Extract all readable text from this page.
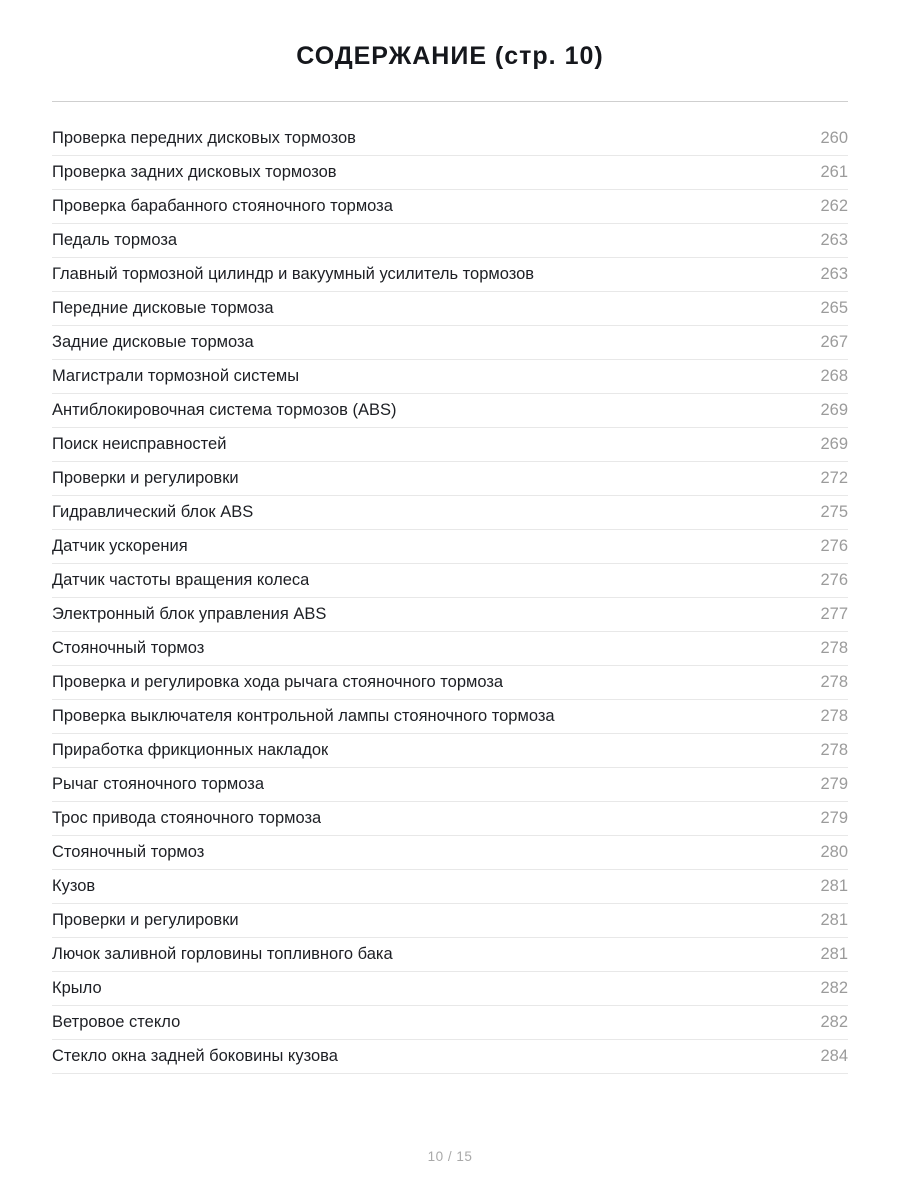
СОДЕРЖАНИЕ (стр. 10)
Проверка передних дисковых тормозов	260
Проверка задних дисковых тормозов	261
Проверка барабанного стояночного тормоза	262
Педаль тормоза	263
Главный тормозной цилиндр и вакуумный усилитель тормозов	263
Передние дисковые тормоза	265
Задние дисковые тормоза	267
Магистрали тормозной системы	268
Антиблокировочная система тормозов (ABS)	269
Поиск неисправностей	269
Проверки и регулировки	272
Гидравлический блок ABS	275
Датчик ускорения	276
Датчик частоты вращения колеса	276
Электронный блок управления ABS	277
Стояночный тормоз	278
Проверка и регулировка хода рычага стояночного тормоза	278
Проверка выключателя контрольной лампы стояночного тормоза	278
Приработка фрикционных накладок	278
Рычаг стояночного тормоза	279
Трос привода стояночного тормоза	279
Стояночный тормоз	280
Кузов	281
Проверки и регулировки	281
Лючок заливной горловины топливного бака	281
Крыло	282
Ветровое стекло	282
Стекло окна задней боковины кузова	284
10 / 15
